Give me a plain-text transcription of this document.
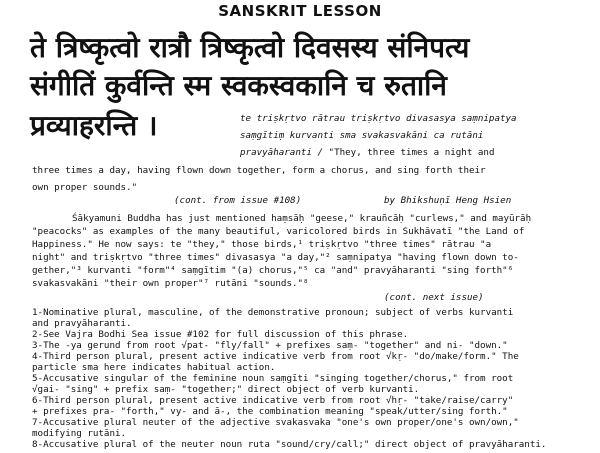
SANSKRIT LESSON
ते त्रिष्कृत्वो रात्रौ त्रिष्कृत्वो दिवसस्य संनिपत्य
संगीतिं कुर्वन्ति स्म स्वकस्वकानि च रुतानि
प्रव्याहरन्ति ।	te triṣkṛtvo rātrau triṣkṛtvo divasasya saṃnipatya
saṃgītiṃ kurvanti sma svakasvakāni ca rutāni
pravyāharanti / "They, three times a night and
three times a day, having flown down together, form a chorus, and sing forth their
own proper sounds."
(cont. from issue #108)	by Bhikshuṇī Heng Hsien
Śākyamuni Buddha has just mentioned haṃsāḥ "geese," krauñcāḥ "curlews," and mayūrāḥ
"peacocks" as examples of the many beautiful, varicolored birds in Sukhāvatī "the Land of
Happiness." He now says: te "they," those birds,¹ triṣkṛtvo "three times" rātrau "a
night" and triṣkṛtvo "three times" divasasya "a day,"² saṃnipatya "having flown down to-
gether,"³ kurvanti "form"⁴ saṃgītim "(a) chorus,"⁵ ca "and" pravyāharanti "sing forth"⁶
svakasvakāni "their own proper"⁷ rutāni "sounds."⁸
(cont. next issue)
1-Nominative plural, masculine, of the demonstrative pronoun; subject of verbs kurvanti
and pravyāharanti.
2-See Vajra Bodhi Sea issue #102 for full discussion of this phrase.
3-The -ya gerund from root √pat- "fly/fall" + prefixes saṃ- "together" and ni- "down."
4-Third person plural, present active indicative verb from root √kṛ- "do/make/form." The
particle sma here indicates habitual action.
5-Accusative singular of the feminine noun saṃgīti "singing together/chorus," from root
√gai- "sing" + prefix saṃ- "together;" direct object of verb kurvanti.
6-Third person plural, present active indicative verb from root √hṛ- "take/raise/carry"
+ prefixes pra- "forth," vy- and ā-, the combination meaning "speak/utter/sing forth."
7-Accusative plural neuter of the adjective svakasvaka "one's own proper/one's own/own,"
modifying rutāni.
8-Accusative plural of the neuter noun ruta "sound/cry/call;" direct object of pravyāharanti.
